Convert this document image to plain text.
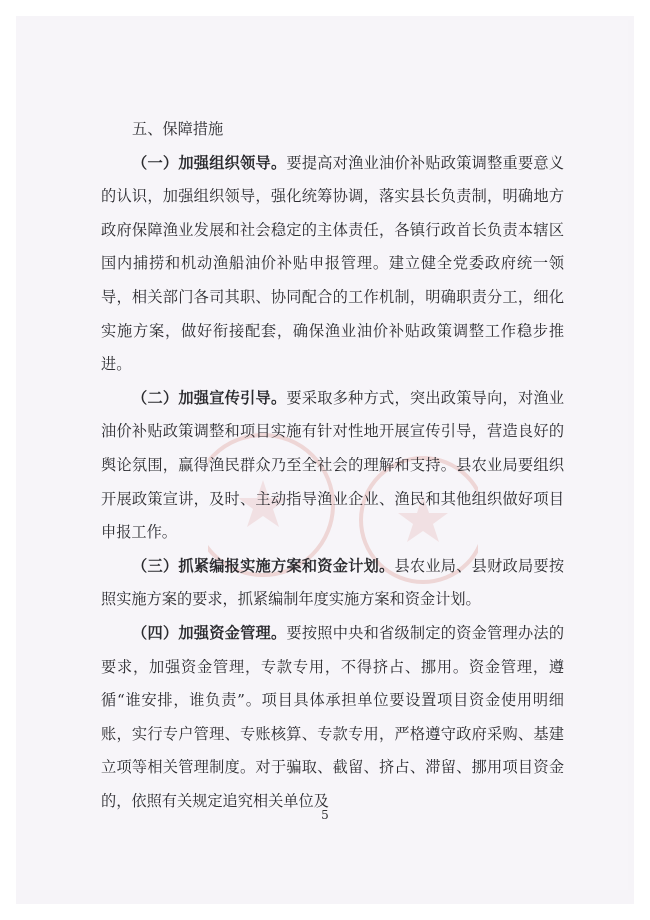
五、保障措施

（一）加强组织领导。要提高对渔业油价补贴政策调整重要意义的认识，加强组织领导，强化统筹协调，落实县长负责制，明确地方政府保障渔业发展和社会稳定的主体责任，各镇行政首长负责本辖区国内捕捞和机动渔船油价补贴申报管理。建立健全党委政府统一领导，相关部门各司其职、协同配合的工作机制，明确职责分工，细化实施方案，做好衔接配套，确保渔业油价补贴政策调整工作稳步推进。

（二）加强宣传引导。要采取多种方式，突出政策导向，对渔业油价补贴政策调整和项目实施有针对性地开展宣传引导，营造良好的舆论氛围，赢得渔民群众乃至全社会的理解和支持。县农业局要组织开展政策宣讲，及时、主动指导渔业企业、渔民和其他组织做好项目申报工作。

（三）抓紧编报实施方案和资金计划。县农业局、县财政局要按照实施方案的要求，抓紧编制年度实施方案和资金计划。

（四）加强资金管理。要按照中央和省级制定的资金管理办法的要求，加强资金管理，专款专用，不得挤占、挪用。资金管理，遵循“谁安排，谁负责”。项目具体承担单位要设置项目资金使用明细账，实行专户管理、专账核算、专款专用，严格遵守政府采购、基建立项等相关管理制度。对于骗取、截留、挤占、滞留、挪用项目资金的，依照有关规定追究相关单位及

5
